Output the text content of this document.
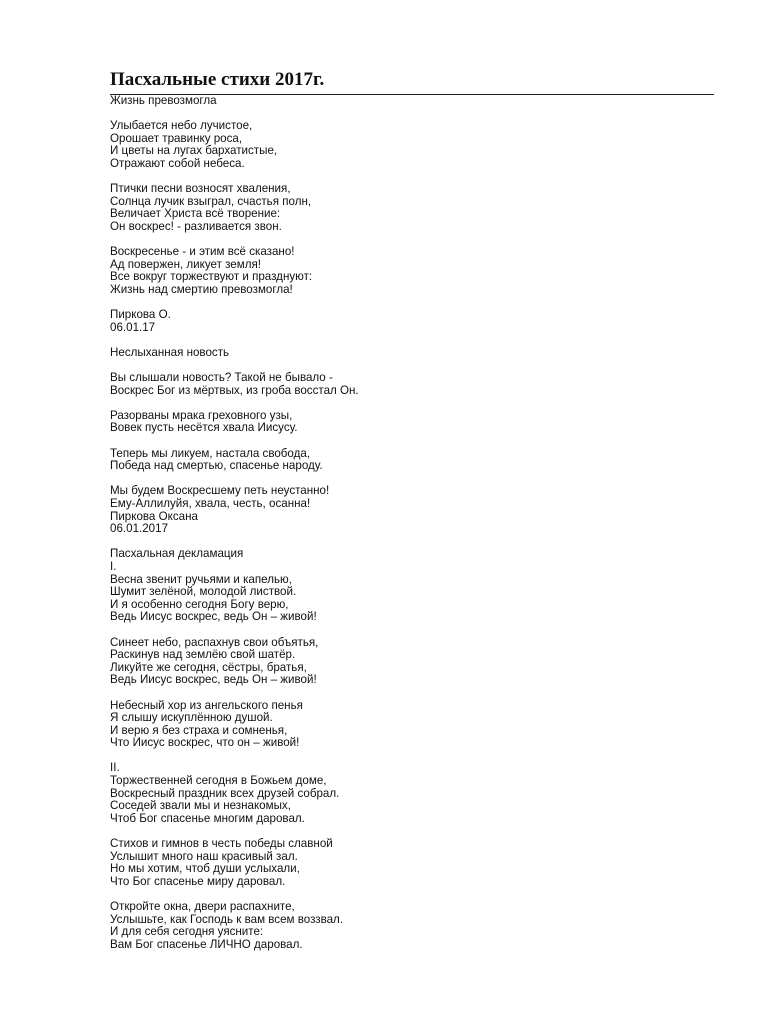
Пасхальные стихи 2017г.
Жизнь превозмогла
Улыбается небо лучистое,
Орошает травинку роса,
И цветы на лугах бархатистые,
Отражают собой небеса.
Птички песни возносят хваления,
Солнца лучик взыграл, счастья полн,
Величает Христа всё творение:
Он воскрес! - разливается звон.
Воскресенье - и этим всё сказано!
Ад повержен, ликует земля!
Все вокруг торжествуют и празднуют:
Жизнь над смертию превозмогла!
Пиркова О.
06.01.17
Неслыханная новость
Вы слышали новость? Такой не бывало -
Воскрес Бог из мёртвых, из гроба восстал Он.
Разорваны мрака греховного узы,
Вовек пусть несётся хвала Иисусу.
Теперь мы ликуем, настала свобода,
Победа над смертью, спасенье народу.
Мы будем Воскресшему петь неустанно!
Ему-Аллилуйя, хвала, честь, осанна!
Пиркова Оксана
06.01.2017
Пасхальная декламация
I.
Весна звенит ручьями и капелью,
Шумит зелёной, молодой листвой.
И я особенно сегодня Богу верю,
Ведь Иисус воскрес, ведь Он – живой!
Синеет небо, распахнув свои объятья,
Раскинув над землёю свой шатёр.
Ликуйте же сегодня, сёстры, братья,
Ведь Иисус воскрес, ведь Он – живой!
Небесный хор из ангельского пенья
Я слышу искуплённою душой.
И верю я без страха и сомненья,
Что Иисус воскрес, что он – живой!
II.
Торжественней сегодня в Божьем доме,
Воскресный праздник всех друзей собрал.
Соседей звали мы и незнакомых,
Чтоб Бог спасенье многим даровал.
Стихов и гимнов в честь победы славной
Услышит много наш красивый зал.
Но мы хотим, чтоб души услыхали,
Что Бог спасенье миру даровал.
Откройте окна, двери распахните,
Услышьте, как Господь к вам всем воззвал.
И для себя сегодня уясните:
Вам Бог спасенье ЛИЧНО даровал.
